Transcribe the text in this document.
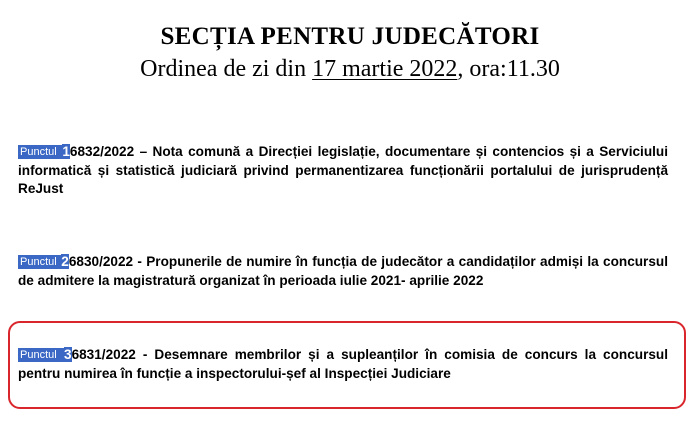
SECȚIA PENTRU JUDECĂTORI
Ordinea de zi din 17 martie 2022, ora:11.30
Punctul 16832/2022 – Nota comună a Direcției legislație, documentare și contencios și a Serviciului informatică și statistică judiciară privind permanentizarea funcționării portalului de jurisprudență ReJust
Punctul 26830/2022 - Propunerile de numire în funcția de judecător a candidaților admiși la concursul de admitere la magistratură organizat în perioada iulie 2021- aprilie 2022
Punctul 36831/2022 - Desemnare membrilor și a supleanților în comisia de concurs la concursul pentru numirea în funcție a inspectorului-șef al Inspecției Judiciare
